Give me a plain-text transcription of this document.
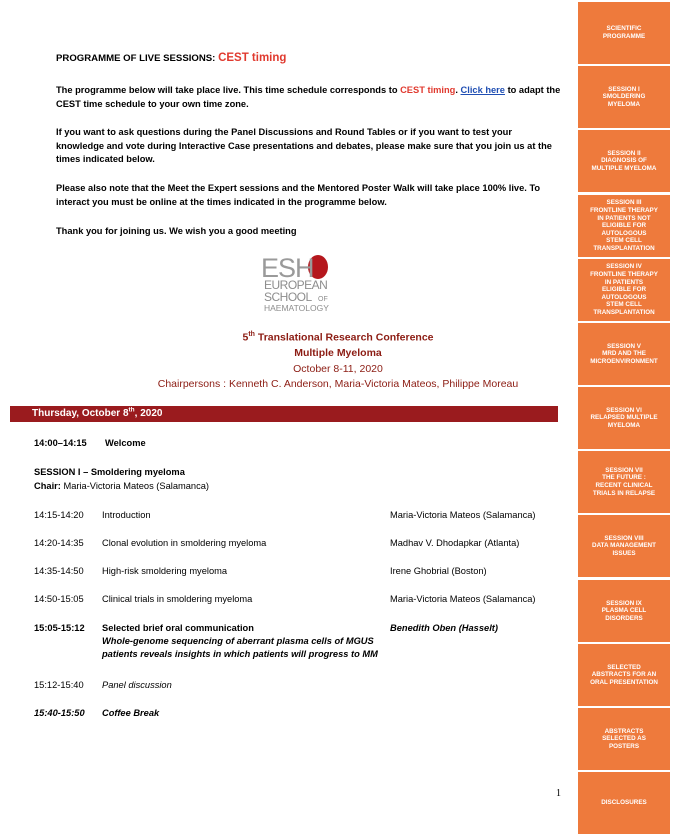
PROGRAMME OF LIVE SESSIONS: CEST timing
The programme below will take place live. This time schedule corresponds to CEST timing. Click here to adapt the
CEST time schedule to your own time zone.
If you want to ask questions during the Panel Discussions and Round Tables or if you want to test your knowledge and vote during Interactive Case presentations and debates, please make sure that you join us at the times indicated below.
Please also note that the Meet the Expert sessions and the Mentored Poster Walk will take place 100% live. To interact you must be online at the times indicated in the programme below.
Thank you for joining us. We wish you a good meeting
ESH
EUROPEAN
SCHOOL OF
HAEMATOLOGY
5th Translational Research Conference
Multiple Myeloma
October 8-11, 2020
Chairpersons : Kenneth C. Anderson, Maria-Victoria Mateos, Philippe Moreau
Thursday, October 8th, 2020
14:00–14:15 Welcome
SESSION I – Smoldering myeloma
Chair: Maria-Victoria Mateos (Salamanca)
14:15-14:20 Introduction	Maria-Victoria Mateos (Salamanca)
14:20-14:35 Clonal evolution in smoldering myeloma	Madhav V. Dhodapkar (Atlanta)
14:35-14:50 High-risk smoldering myeloma	Irene Ghobrial (Boston)
14:50-15:05 Clinical trials in smoldering myeloma	Maria-Victoria Mateos (Salamanca)
15:05-15:12 Selected brief oral communication	Benedith Oben (Hasselt)
Whole-genome sequencing of aberrant plasma cells of MGUS
patients reveals insights in which patients will progress to MM
15:12-15:40 Panel discussion
15:40-15:50 Coffee Break
1
SCIENTIFIC
PROGRAMME
SESSION I
SMOLDERING
MYELOMA
SESSION II
DIAGNOSIS OF
MULTIPLE MYELOMA
SESSION III
FRONTLINE THERAPY
IN PATIENTS NOT
ELIGIBLE FOR
AUTOLOGOUS
STEM CELL
TRANSPLANTATION
SESSION IV
FRONTLINE THERAPY
IN PATIENTS
ELIGIBLE FOR
AUTOLOGOUS
STEM CELL
TRANSPLANTATION
SESSION V
MRD AND THE
MICROENVIRONMENT
SESSION VI
RELAPSED MULTIPLE
MYELOMA
SESSION VII
THE FUTURE :
RECENT CLINICAL
TRIALS IN RELAPSE
SESSION VIII
DATA MANAGEMENT
ISSUES
SESSION IX
PLASMA CELL
DISORDERS
SELECTED
ABSTRACTS FOR AN
ORAL PRESENTATION
ABSTRACTS
SELECTED AS
POSTERS
DISCLOSURES
